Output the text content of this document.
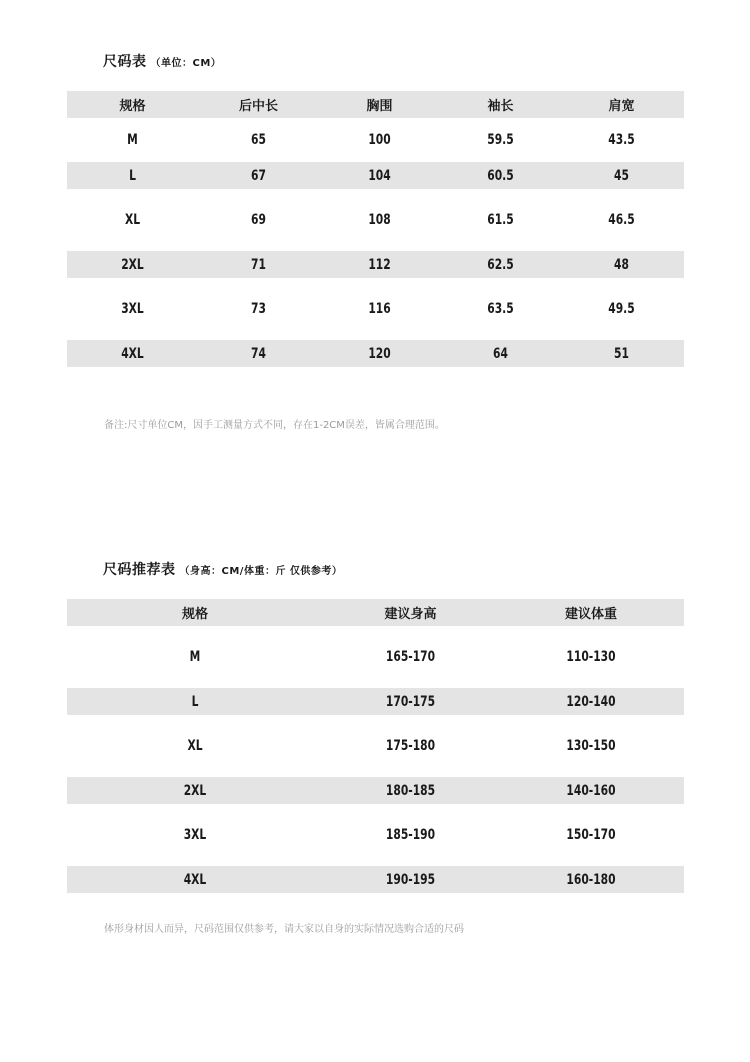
尺码表 （单位：CM）
规格	后中长	胸围	袖长	肩宽
M	65	100	59.5	43.5
L	67	104	60.5	45
XL	69	108	61.5	46.5
2XL	71	112	62.5	48
3XL	73	116	63.5	49.5
4XL	74	120	64	51
备注:尺寸单位CM，因手工测量方式不同，存在1-2CM误差，皆属合理范围。
尺码推荐表 （身高：CM/体重：斤 仅供参考）
规格	建议身高	建议体重
M	165-170	110-130
L	170-175	120-140
XL	175-180	130-150
2XL	180-185	140-160
3XL	185-190	150-170
4XL	190-195	160-180
体形身材因人而异，尺码范围仅供参考，请大家以自身的实际情况选购合适的尺码
